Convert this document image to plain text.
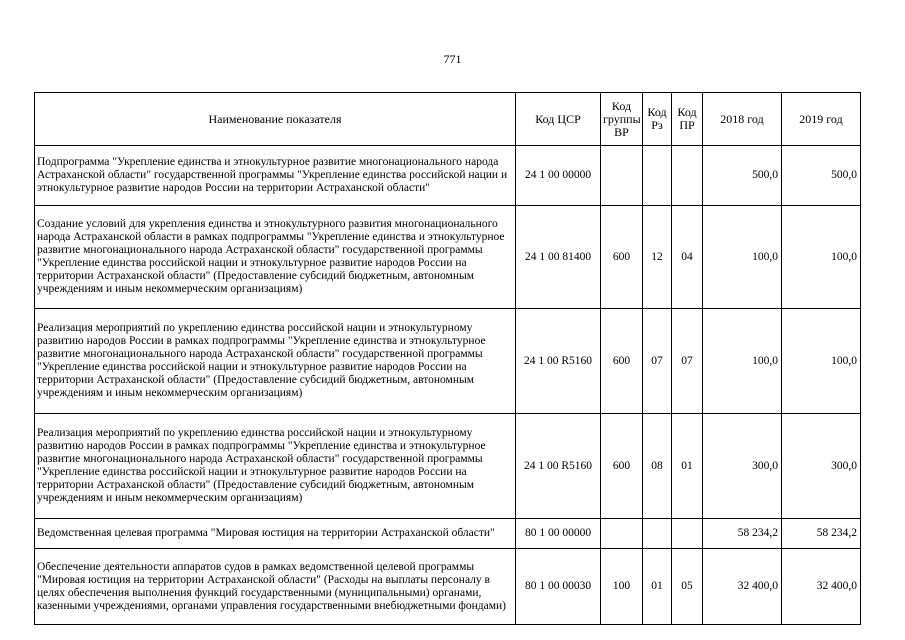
771
Наименование показателя	Код ЦСР	Код группы ВР	Код Рз	Код ПР	2018 год	2019 год
Подпрограмма "Укрепление единства и этнокультурное развитие многонационального народа Астраханской области" государственной программы "Укрепление единства российской нации и этнокультурное развитие народов России на территории Астраханской области"	24 1 00 00000				500,0	500,0
Создание условий для укрепления единства и этнокультурного развития многонационального народа Астраханской области в рамках подпрограммы "Укрепление единства и этнокультурное развитие многонационального народа Астраханской области" государственной программы "Укрепление единства российской нации и этнокультурное развитие народов России на территории Астраханской области" (Предоставление субсидий бюджетным, автономным учреждениям и иным некоммерческим организациям)	24 1 00 81400	600	12	04	100,0	100,0
Реализация мероприятий по укреплению единства российской нации и этнокультурному развитию народов России в рамках подпрограммы "Укрепление единства и этнокультурное развитие многонационального народа Астраханской области" государственной программы "Укрепление единства российской нации и этнокультурное развитие народов России на территории Астраханской области" (Предоставление субсидий бюджетным, автономным учреждениям и иным некоммерческим организациям)	24 1 00 R5160	600	07	07	100,0	100,0
Реализация мероприятий по укреплению единства российской нации и этнокультурному развитию народов России в рамках подпрограммы "Укрепление единства и этнокультурное развитие многонационального народа Астраханской области" государственной программы "Укрепление единства российской нации и этнокультурное развитие народов России на территории Астраханской области" (Предоставление субсидий бюджетным, автономным учреждениям и иным некоммерческим организациям)	24 1 00 R5160	600	08	01	300,0	300,0
Ведомственная целевая программа "Мировая юстиция на территории Астраханской области"	80 1 00 00000				58 234,2	58 234,2
Обеспечение деятельности аппаратов судов в рамках ведомственной целевой программы "Мировая юстиция на территории Астраханской области" (Расходы на выплаты персоналу в целях обеспечения выполнения функций государственными (муниципальными) органами, казенными учреждениями, органами управления государственными внебюджетными фондами)	80 1 00 00030	100	01	05	32 400,0	32 400,0
